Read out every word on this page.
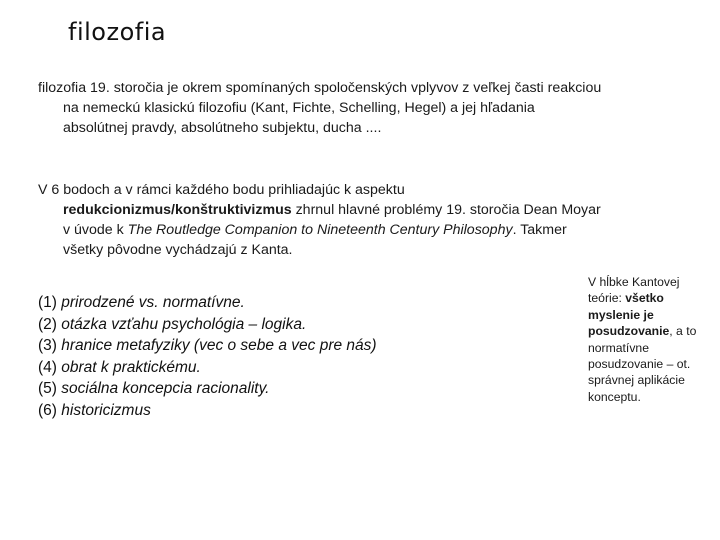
filozofia
filozofia 19. storočia je okrem spomínaných spoločenských vplyvov z veľkej časti reakciou na nemeckú klasickú filozofiu (Kant, Fichte, Schelling, Hegel) a jej hľadania absolútnej pravdy, absolútneho subjektu, ducha ....
V 6 bodoch a v rámci každého bodu prihliadajúc k aspektu redukcionizmus/konštruktivizmus zhrnul hlavné problémy 19. storočia Dean Moyar v úvode k The Routledge Companion to Nineteenth Century Philosophy. Takmer všetky pôvodne vychádzajú z Kanta.
(1) prirodzené vs. normatívne.
(2) otázka vzťahu psychológia – logika.
(3) hranice metafyziky (vec o sebe a vec pre nás)
(4) obrat k praktickému.
(5) sociálna koncepcia racionality.
(6) historicizmus
V hĺbke Kantovej teórie: všetko myslenie je posudzovanie, a to normatívne posudzovanie – ot. správnej aplikácie konceptu.
